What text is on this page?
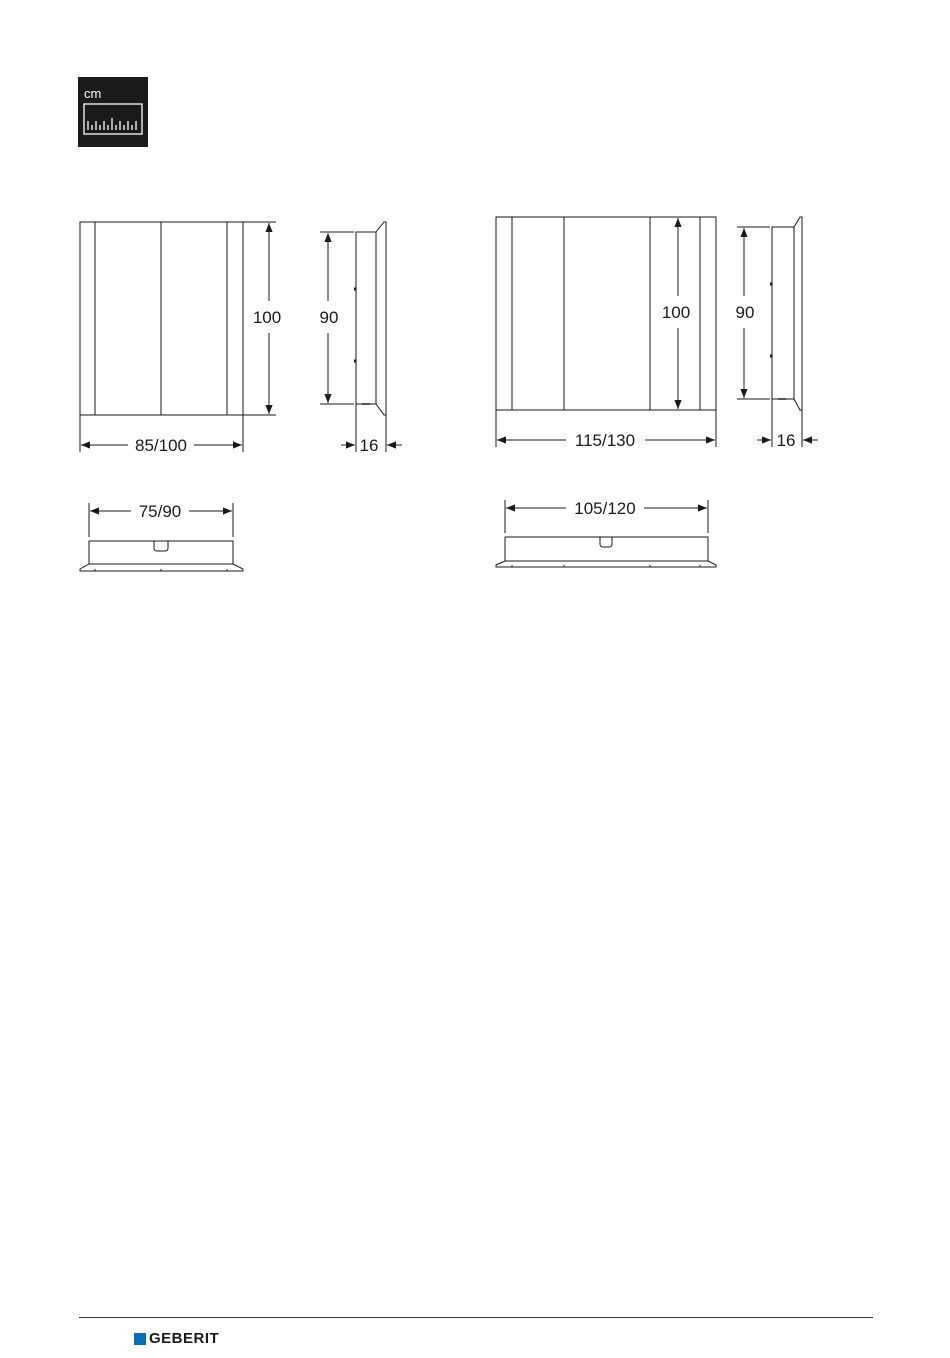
cm
100 90
85/100	16
75/90
100	90
115/130	16
105/120
GEBERIT
